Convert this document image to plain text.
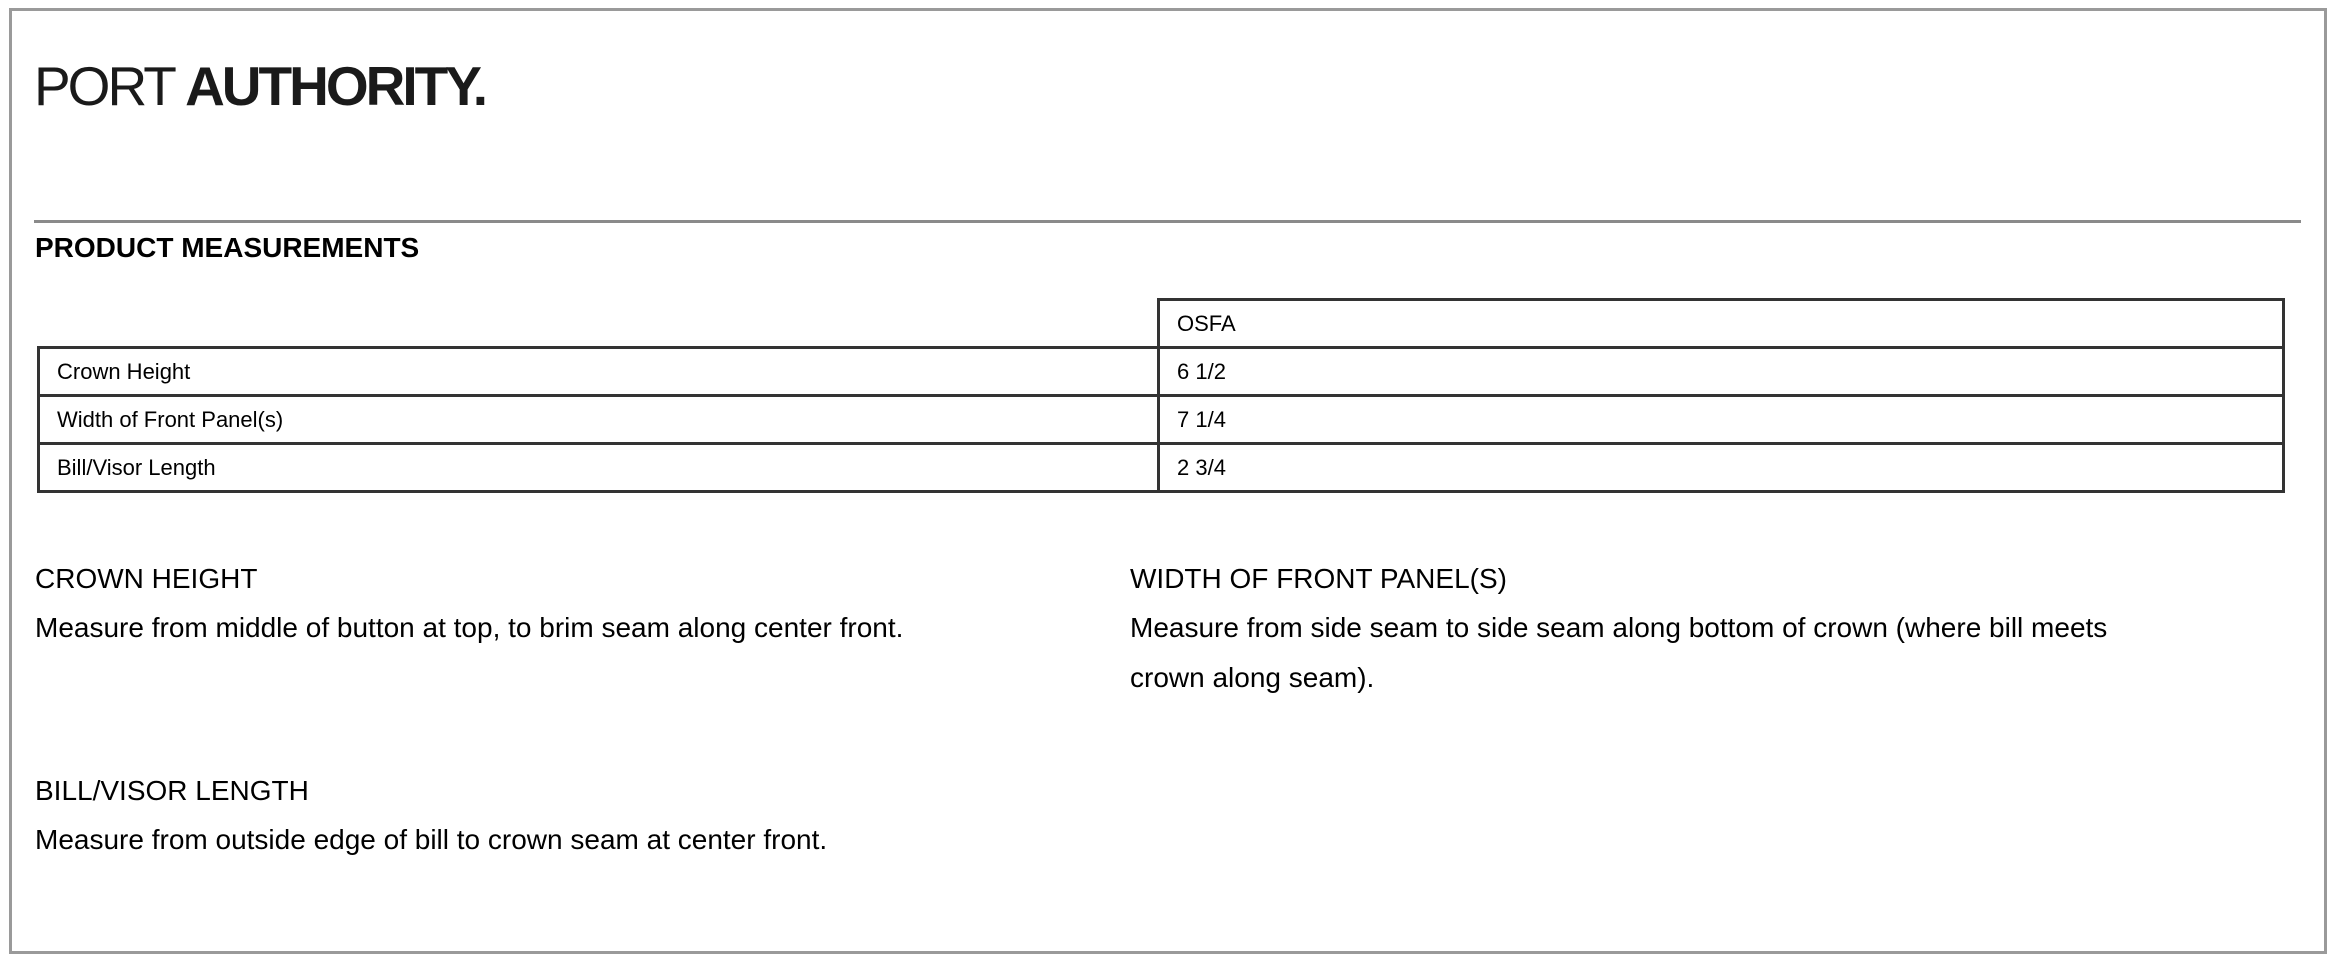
PORT AUTHORITY.
PRODUCT MEASUREMENTS
	OSFA
Crown Height	6 1/2
Width of Front Panel(s)	7 1/4
Bill/Visor Length	2 3/4

CROWN HEIGHT

Measure from middle of button at top, to brim seam along center front.

WIDTH OF FRONT PANEL(S)

Measure from side seam to side seam along bottom of crown (where bill meets crown along seam).

BILL/VISOR LENGTH

Measure from outside edge of bill to crown seam at center front.
